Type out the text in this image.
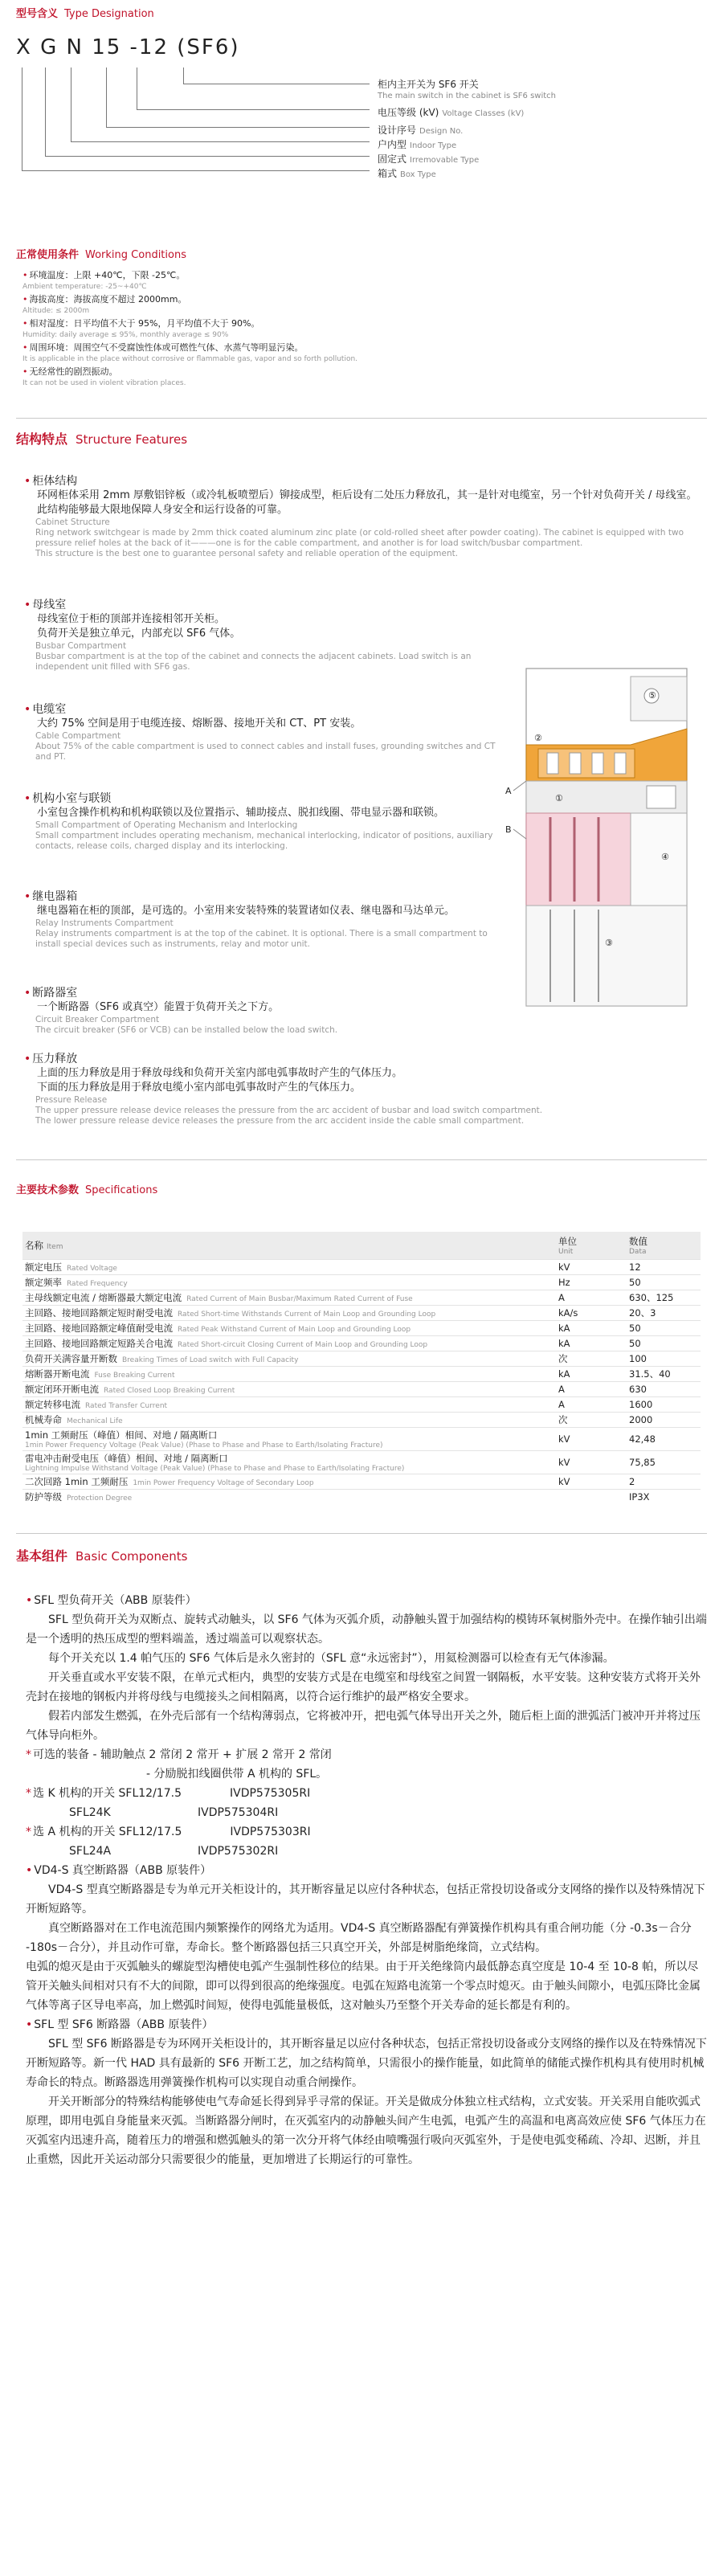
型号含义 Type Designation
X G N 15 -12 (SF6)
柜内主开关为 SF6 开关
The main switch in the cabinet is SF6 switch
电压等级 (kV) Voltage Classes (kV)
设计序号 Design No.
户内型 Indoor Type
固定式 Irremovable Type
箱式 Box Type
正常使用条件 Working Conditions
• 环境温度：上限 +40℃，下限 -25℃。
Ambient temperature: -25~+40℃
• 海拔高度：海拔高度不超过 2000mm。
Altitude: ≤ 2000m
• 相对湿度：日平均值不大于 95%，月平均值不大于 90%。
Humidity: daily average ≤ 95%, monthly average ≤ 90%
• 周围环境：周围空气不受腐蚀性体或可燃性气体、水蒸气等明显污染。
It is applicable in the place without corrosive or flammable gas, vapor and so forth pollution.
• 无经常性的剧烈振动。
It can not be used in violent vibration places.
结构特点 Structure Features
• 柜体结构
环网柜体采用 2mm 厚敷铝锌板（或冷轧板喷塑后）铆接成型，柜后设有二处压力释放孔，其一是针对电缆室，另一个针对负荷开关 / 母线室。此结构能够最大限地保障人身安全和运行设备的可靠。
Cabinet Structure
Ring network switchgear is made by 2mm thick coated aluminum zinc plate (or cold-rolled sheet after powder coating). The cabinet is equipped with two pressure relief holes at the back of it———one is for the cable compartment, and another is for load switch/busbar compartment.
This structure is the best one to guarantee personal safety and reliable operation of the equipment.
• 母线室
母线室位于柜的顶部并连接相邻开关柜。
负荷开关是独立单元，内部充以 SF6 气体。
Busbar Compartment
Busbar compartment is at the top of the cabinet and connects the adjacent cabinets. Load switch is an independent unit filled with SF6 gas.
• 电缆室
大约 75% 空间是用于电缆连接、熔断器、接地开关和 CT、PT 安装。
Cable Compartment
About 75% of the cable compartment is used to connect cables and install fuses, grounding switches and CT and PT.
• 机构小室与联锁
小室包含操作机构和机构联锁以及位置指示、辅助接点、脱扣线圈、带电显示器和联锁。
Small Compartment of Operating Mechanism and Interlocking
Small compartment includes operating mechanism, mechanical interlocking, indicator of positions, auxiliary contacts, release coils, charged display and its interlocking.
• 继电器箱
继电器箱在柜的顶部，是可选的。小室用来安装特殊的装置诸如仪表、继电器和马达单元。
Relay Instruments Compartment
Relay instruments compartment is at the top of the cabinet. It is optional. There is a small compartment to install special devices such as instruments, relay and motor unit.
• 断路器室
一个断路器（SF6 或真空）能置于负荷开关之下方。
Circuit Breaker Compartment
The circuit breaker (SF6 or VCB) can be installed below the load switch.
• 压力释放
上面的压力释放是用于释放母线和负荷开关室内部电弧事故时产生的气体压力。
下面的压力释放是用于释放电缆小室内部电弧事故时产生的气体压力。
Pressure Release
The upper pressure release device releases the pressure from the arc accident of busbar and load switch compartment.
The lower pressure release device releases the pressure from the arc accident inside the cable small compartment.
A
B
①
②
③
④
⑤
主要技术参数 Specifications
名称 Item	单位
Unit	数值
Data

额定电压 Rated Voltage	kV	12
额定频率 Rated Frequency	Hz	50
主母线额定电流 / 熔断器最大额定电流 Rated Current of Main Busbar/Maximum Rated Current of Fuse	A	630、125
主回路、接地回路额定短时耐受电流 Rated Short-time Withstands Current of Main Loop and Grounding Loop	kA/s	20、3
主回路、接地回路额定峰值耐受电流 Rated Peak Withstand Current of Main Loop and Grounding Loop	kA	50
主回路、接地回路额定短路关合电流 Rated Short-circuit Closing Current of Main Loop and Grounding Loop	kA	50
负荷开关满容量开断数 Breaking Times of Load switch with Full Capacity	次	100
熔断器开断电流 Fuse Breaking Current	kA	31.5、40
额定闭环开断电流 Rated Closed Loop Breaking Current	A	630
额定转移电流 Rated Transfer Current	A	1600
机械寿命 Mechanical Life	次	2000
1min 工频耐压（峰值）相间、对地 / 隔离断口
1min Power Frequency Voltage (Peak Value) (Phase to Phase and Phase to Earth/Isolating Fracture)	kV	42,48
雷电冲击耐受电压（峰值）相间、对地 / 隔离断口
Lightning Impulse Withstand Voltage (Peak Value) (Phase to Phase and Phase to Earth/Isolating Fracture)	kV	75,85
二次回路 1min 工频耐压 1min Power Frequency Voltage of Secondary Loop	kV	2
防护等级 Protection Degree		IP3X
基本组件 Basic Components

• SFL 型负荷开关（ABB 原装件）

SFL 型负荷开关为双断点、旋转式动触头，以 SF6 气体为灭弧介质，动静触头置于加强结构的模铸环氧树脂外壳中。在操作轴引出端是一个透明的热压成型的塑料端盖，透过端盖可以观察状态。

每个开关充以 1.4 帕气压的 SF6 气体后是永久密封的（SFL 意“永远密封”），用氦检测器可以检查有无气体渗漏。

开关垂直或水平安装不限，在单元式柜内，典型的安装方式是在电缆室和母线室之间置一钢隔板，水平安装。这种安装方式将开关外壳封在接地的钢板内并将母线与电缆接头之间相隔离，以符合运行维护的最严格安全要求。

假若内部发生燃弧，在外壳后部有一个结构薄弱点，它将被冲开，把电弧气体导出开关之外，随后柜上面的泄弧活门被冲开并将过压气体导向柜外。

* 可选的装备 - 辅助触点 2 常闭 2 常开 + 扩展 2 常开 2 常闭

- 分励脱扣线圈供带 A 机构的 SFL。

* 选 K 机构的开关 SFL12/17.5	IVDP575305RI
SFL24K	IVDP575304RI
* 选 A 机构的开关 SFL12/17.5	IVDP575303RI
SFL24A	IVDP575302RI

• VD4-S 真空断路器（ABB 原装件）

VD4-S 型真空断路器是专为单元开关柜设计的，其开断容量足以应付各种状态，包括正常投切设备或分支网络的操作以及特殊情况下开断短路等。

真空断路器对在工作电流范围内频繁操作的网络尤为适用。VD4-S 真空断路器配有弹簧操作机构具有重合闸功能（分 -0.3s－合分 -180s－合分），并且动作可靠，寿命长。整个断路器包括三只真空开关，外部是树脂绝缘筒，立式结构。

电弧的熄灭是由于灭弧触头的螺旋型沟槽使电弧产生强制性移位的结果。由于开关绝缘筒内最低静态真空度是 10-4 至 10-8 帕，所以尽管开关触头间相对只有不大的间隙，即可以得到很高的绝缘强度。电弧在短路电流第一个零点时熄灭。由于触头间隙小，电弧压降比金属气体等离子区导电率高，加上燃弧时间短，使得电弧能量极低，这对触头乃至整个开关寿命的延长都是有利的。

• SFL 型 SF6 断路器（ABB 原装件）

SFL 型 SF6 断路器是专为环网开关柜设计的，其开断容量足以应付各种状态，包括正常投切设备或分支网络的操作以及在特殊情况下开断短路等。新一代 HAD 具有最新的 SF6 开断工艺，加之结构简单，只需很小的操作能量，如此简单的储能式操作机构具有使用时机械寿命长的特点。断路器选用弹簧操作机构可以实现自动重合闸操作。

开关开断部分的特殊结构能够使电气寿命延长得到异乎寻常的保证。开关是做成分体独立柱式结构，立式安装。开关采用自能吹弧式原理，即用电弧自身能量来灭弧。当断路器分闸时，在灭弧室内的动静触头间产生电弧，电弧产生的高温和电离高效应使 SF6 气体压力在灭弧室内迅速升高，随着压力的增强和燃弧触头的第一次分开将气体经由喷嘴强行吸向灭弧室外，于是使电弧变稀疏、冷却、迟断，并且止重燃，因此开关运动部分只需要很少的能量，更加增进了长期运行的可靠性。
